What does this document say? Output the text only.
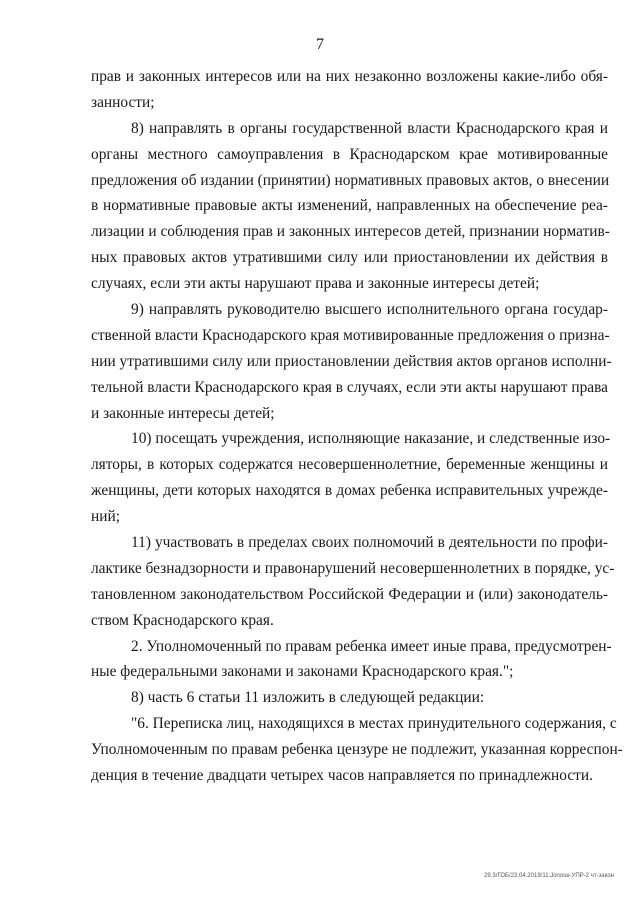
7
прав и законных интересов или на них незаконно возложены какие-либо обя-
занности;
8) направлять в органы государственной власти Краснодарского края и
органы местного самоуправления в Краснодарском крае мотивированные
предложения об издании (принятии) нормативных правовых актов, о внесении
в нормативные правовые акты изменений, направленных на обеспечение реа-
лизации и соблюдения прав и законных интересов детей, признании норматив-
ных правовых актов утратившими силу или приостановлении их действия в
случаях, если эти акты нарушают права и законные интересы детей;
9) направлять руководителю высшего исполнительного органа государ-
ственной власти Краснодарского края мотивированные предложения о призна-
нии утратившими силу или приостановлении действия актов органов исполни-
тельной власти Краснодарского края в случаях, если эти акты нарушают права
и законные интересы детей;
10) посещать учреждения, исполняющие наказание, и следственные изо-
ляторы, в которых содержатся несовершеннолетние, беременные женщины и
женщины, дети которых находятся в домах ребенка исправительных учрежде-
ний;
11) участвовать в пределах своих полномочий в деятельности по профи-
лактике безнадзорности и правонарушений несовершеннолетних в порядке, ус-
тановленном законодательством Российской Федерации и (или) законодатель-
ством Краснодарского края.
2. Уполномоченный по правам ребенка имеет иные права, предусмотрен-
ные федеральными законами и законами Краснодарского края.";
8) часть 6 статьи 11 изложить в следующей редакции:
"6. Переписка лиц, находящихся в местах принудительного содержания, с
Уполномоченным по правам ребенка цензуре не подлежит, указанная корреспон-
денция в течение двадцати четырех часов направляется по принадлежности.
29.3/ГОБ/23.04.2019/11:Jonose-УПР-2 чт-закон
